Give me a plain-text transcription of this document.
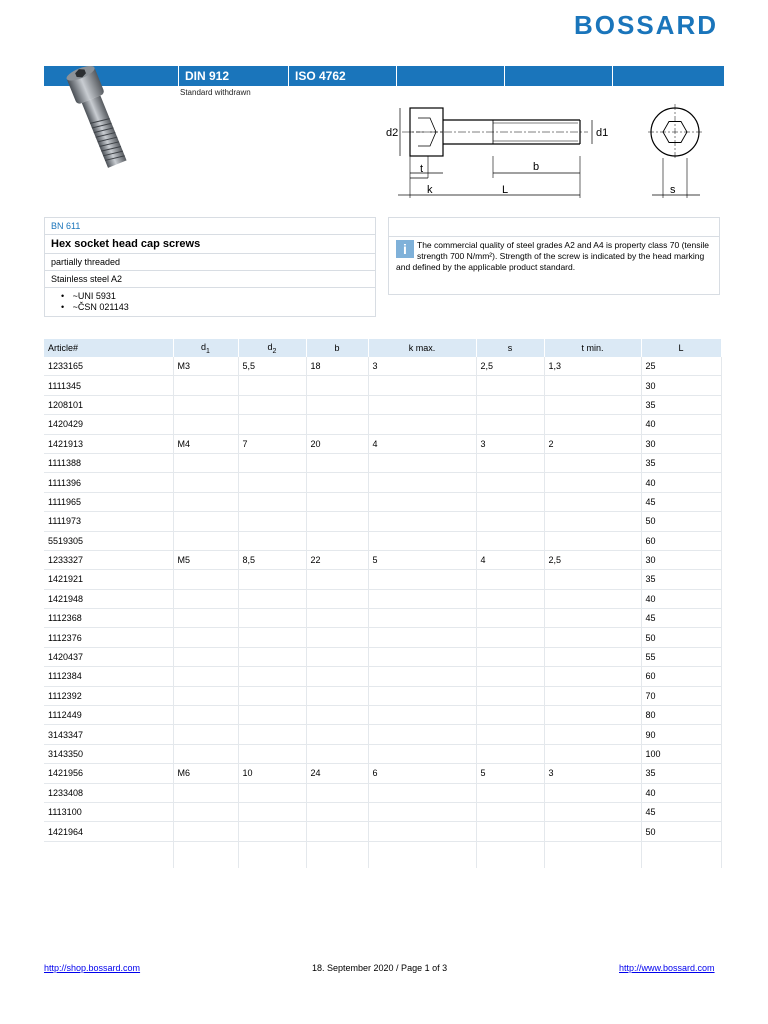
BOSSARD
DIN 912	ISO 4762
Standard withdrawn
d2	d1
t	b
k	L	s
BN 611
Hex socket head cap screws
partially threaded
Stainless steel A2
• ~UNI 5931
• ~ČSN 021143
i	The commercial quality of steel grades A2 and A4 is property class 70 (tensile strength 700 N/mm²). Strength of the screw is indicated by the head marking and defined by the applicable product standard.
Article#	$d_1$	$d_2$	b	k max.	s	t min.	L
1233165	M3	5,5	18	3	2,5	1,3	25
1111345							30
1208101							35
1420429							40
1421913	M4	7	20	4	3	2	30
1111388							35
1111396							40
1111965							45
1111973							50
5519305							60
1233327	M5	8,5	22	5	4	2,5	30
1421921							35
1421948							40
1112368							45
1112376							50
1420437							55
1112384							60
1112392							70
1112449							80
3143347							90
3143350							100
1421956	M6	10	24	6	5	3	35
1233408							40
1113100							45
1421964							50

http://shop.bossard.com	18. September 2020 / Page 1 of 3	http://www.bossard.com
